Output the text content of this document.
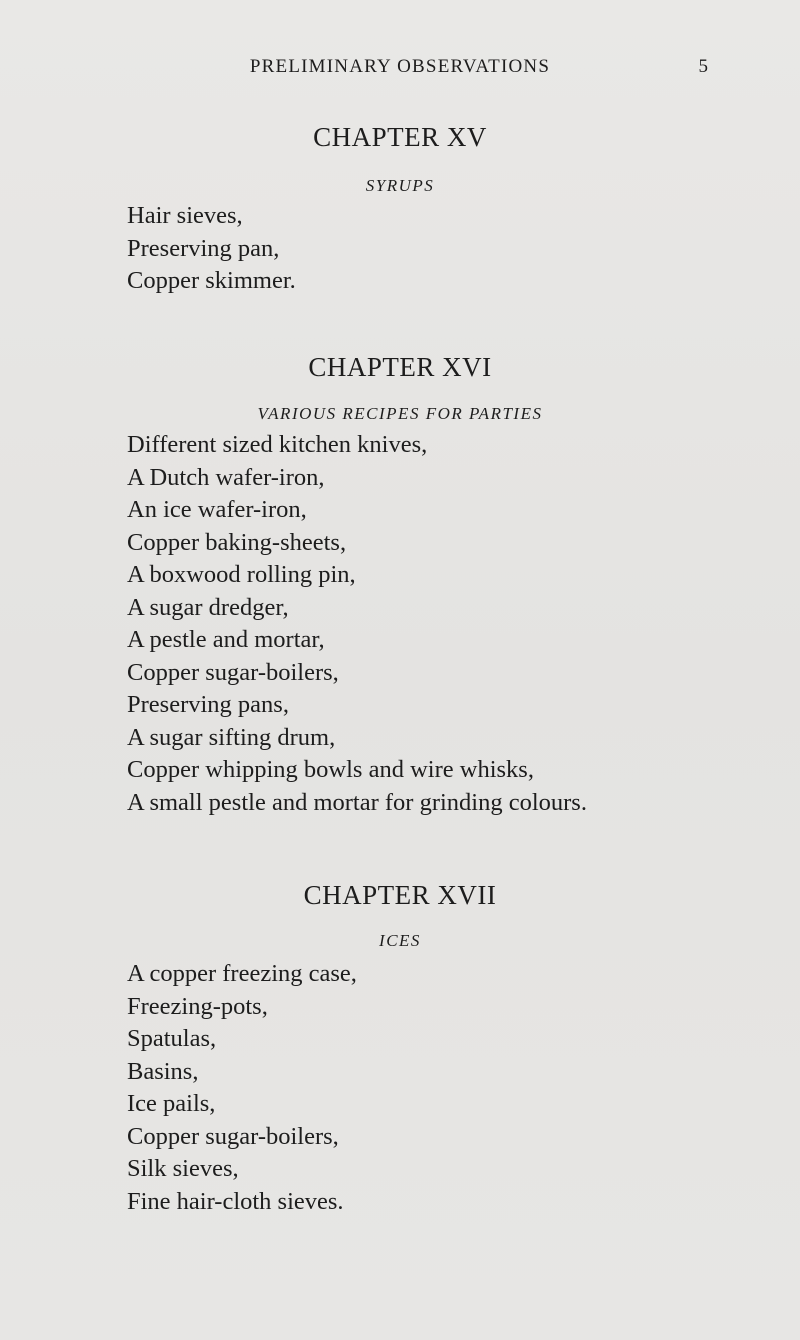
PRELIMINARY OBSERVATIONS	5
CHAPTER XV
SYRUPS
Hair sieves,
Preserving pan,
Copper skimmer.
CHAPTER XVI
VARIOUS RECIPES FOR PARTIES
Different sized kitchen knives,
A Dutch wafer-iron,
An ice wafer-iron,
Copper baking-sheets,
A boxwood rolling pin,
A sugar dredger,
A pestle and mortar,
Copper sugar-boilers,
Preserving pans,
A sugar sifting drum,
Copper whipping bowls and wire whisks,
A small pestle and mortar for grinding colours.
CHAPTER XVII
ICES
A copper freezing case,
Freezing-pots,
Spatulas,
Basins,
Ice pails,
Copper sugar-boilers,
Silk sieves,
Fine hair-cloth sieves.
